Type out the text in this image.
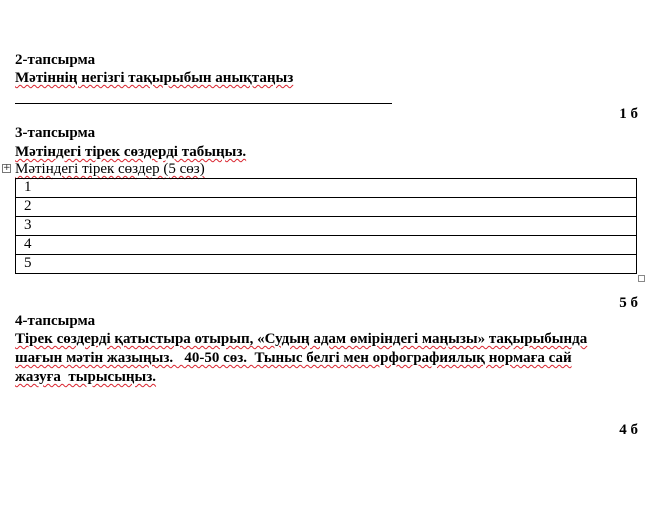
2-тапсырма
Мәтіннің негізгі тақырыбын анықтаңыз
1 б
3-тапсырма
Мәтіндегі тірек сөздерді табыңыз.
+ Мәтіндегі тірек сөздер (5 сөз)
1
2
3
4
5
5 б
4-тапсырма
Тірек сөздерді қатыстыра отырып, «Судың адам өміріндегі маңызы» тақырыбында
шағын мәтін жазыңыз.   40-50 сөз.  Тыныс белгі мен орфографиялық нормаға сай
жазуға  тырысыңыз.
4 б
